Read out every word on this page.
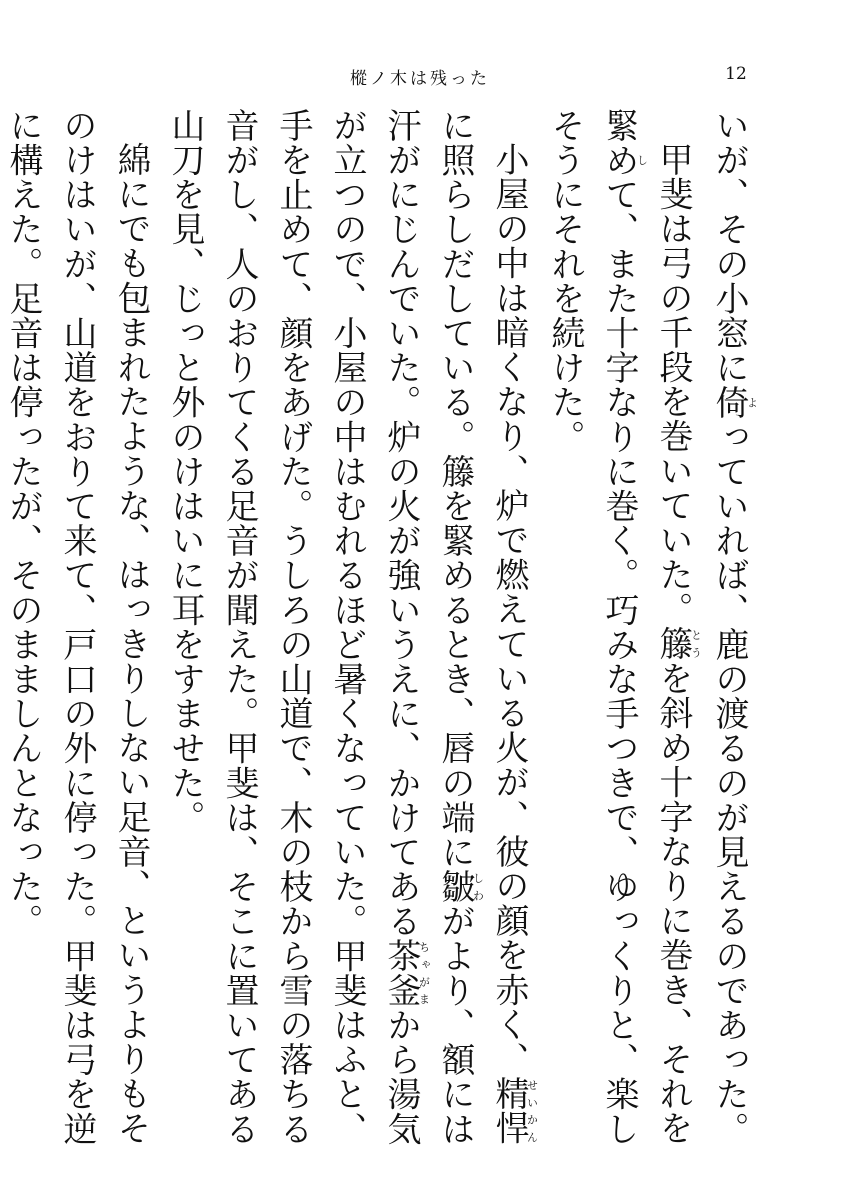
樅ノ木は残った	12

いが、その小窓に倚よっていれば、鹿の渡るのが見えるのであった。

甲斐は弓の千段を巻いていた。籐とうを斜め十字なりに巻き、それを緊めして、また十字なりに巻く。巧みな手つきで、ゆっくりと、楽しそうにそれを続けた。

小屋の中は暗くなり、炉で燃えている火が、彼の顔を赤く、精悍せいかんに照らしだしている。籐を緊めるとき、唇の端に皺しわがより、額には汗がにじんでいた。炉の火が強いうえに、かけてある茶釜ちゃがまから湯気が立つので、小屋の中はむれるほど暑くなっていた。甲斐はふと、手を止めて、顔をあげた。うしろの山道で、木の枝から雪の落ちる音がし、人のおりてくる足音が聞えた。甲斐は、そこに置いてある山刀を見、じっと外のけはいに耳をすませた。

綿にでも包まれたような、はっきりしない足音、というよりもそのけはいが、山道をおりて来て、戸口の外に停った。甲斐は弓を逆に構えた。足音は停ったが、そのまましんとなった。
